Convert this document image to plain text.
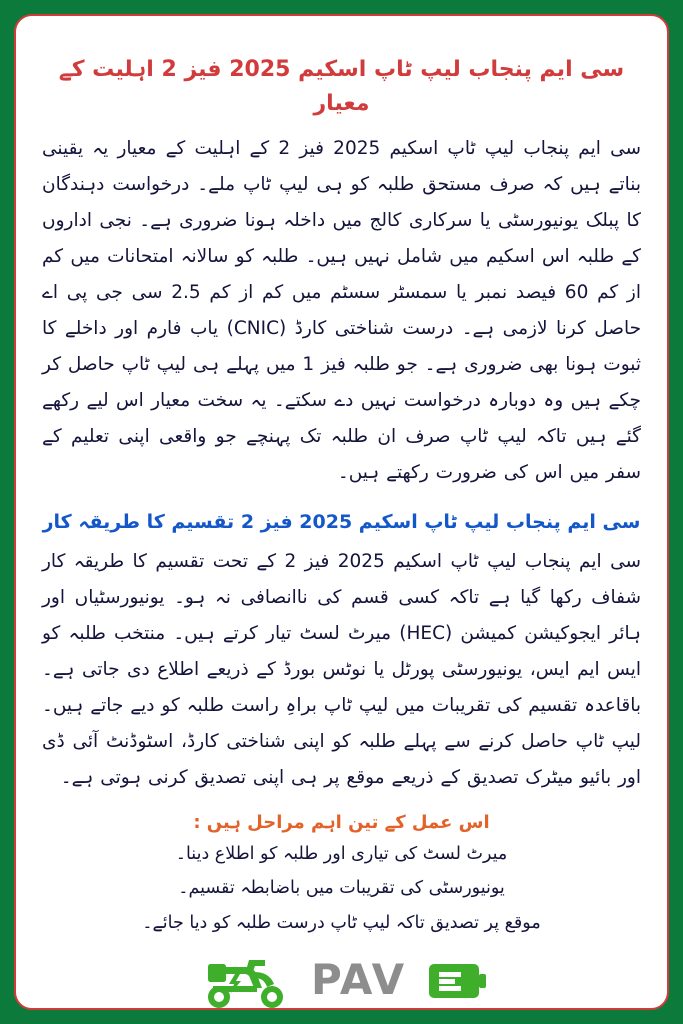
سی ایم پنجاب لیپ ٹاپ اسکیم 2025 فیز 2 اہلیت کے معیار

سی ایم پنجاب لیپ ٹاپ اسکیم 2025 فیز 2 کے اہلیت کے معیار یہ یقینی بناتے ہیں کہ صرف مستحق طلبہ کو ہی لیپ ٹاپ ملے۔ درخواست دہندگان کا پبلک یونیورسٹی یا سرکاری کالج میں داخلہ ہونا ضروری ہے۔ نجی اداروں کے طلبہ اس اسکیم میں شامل نہیں ہیں۔ طلبہ کو سالانہ امتحانات میں کم از کم 60 فیصد نمبر یا سمسٹر سسٹم میں کم از کم 2.5 سی جی پی اے حاصل کرنا لازمی ہے۔ درست شناختی کارڈ (CNIC) یاب فارم اور داخلے کا ثبوت ہونا بھی ضروری ہے۔ جو طلبہ فیز 1 میں پہلے ہی لیپ ٹاپ حاصل کر چکے ہیں وہ دوبارہ درخواست نہیں دے سکتے۔ یہ سخت معیار اس لیے رکھے گئے ہیں تاکہ لیپ ٹاپ صرف ان طلبہ تک پہنچے جو واقعی اپنی تعلیم کے سفر میں اس کی ضرورت رکھتے ہیں۔

سی ایم پنجاب لیپ ٹاپ اسکیم 2025 فیز 2 تقسیم کا طریقہ کار

سی ایم پنجاب لیپ ٹاپ اسکیم 2025 فیز 2 کے تحت تقسیم کا طریقہ کار شفاف رکھا گیا ہے تاکہ کسی قسم کی ناانصافی نہ ہو۔ یونیورسٹیاں اور ہائر ایجوکیشن کمیشن (HEC) میرٹ لسٹ تیار کرتے ہیں۔ منتخب طلبہ کو ایس ایم ایس، یونیورسٹی پورٹل یا نوٹس بورڈ کے ذریعے اطلاع دی جاتی ہے۔ باقاعدہ تقسیم کی تقریبات میں لیپ ٹاپ براہِ راست طلبہ کو دیے جاتے ہیں۔ لیپ ٹاپ حاصل کرنے سے پہلے طلبہ کو اپنی شناختی کارڈ، اسٹوڈنٹ آئی ڈی اور بائیو میٹرک تصدیق کے ذریعے موقع پر ہی اپنی تصدیق کرنی ہوتی ہے۔

اس عمل کے تین اہم مراحل ہیں :

میرٹ لسٹ کی تیاری اور طلبہ کو اطلاع دینا۔

یونیورسٹی کی تقریبات میں باضابطہ تقسیم۔

موقع پر تصدیق تاکہ لیپ ٹاپ درست طلبہ کو دیا جائے۔

PAV
